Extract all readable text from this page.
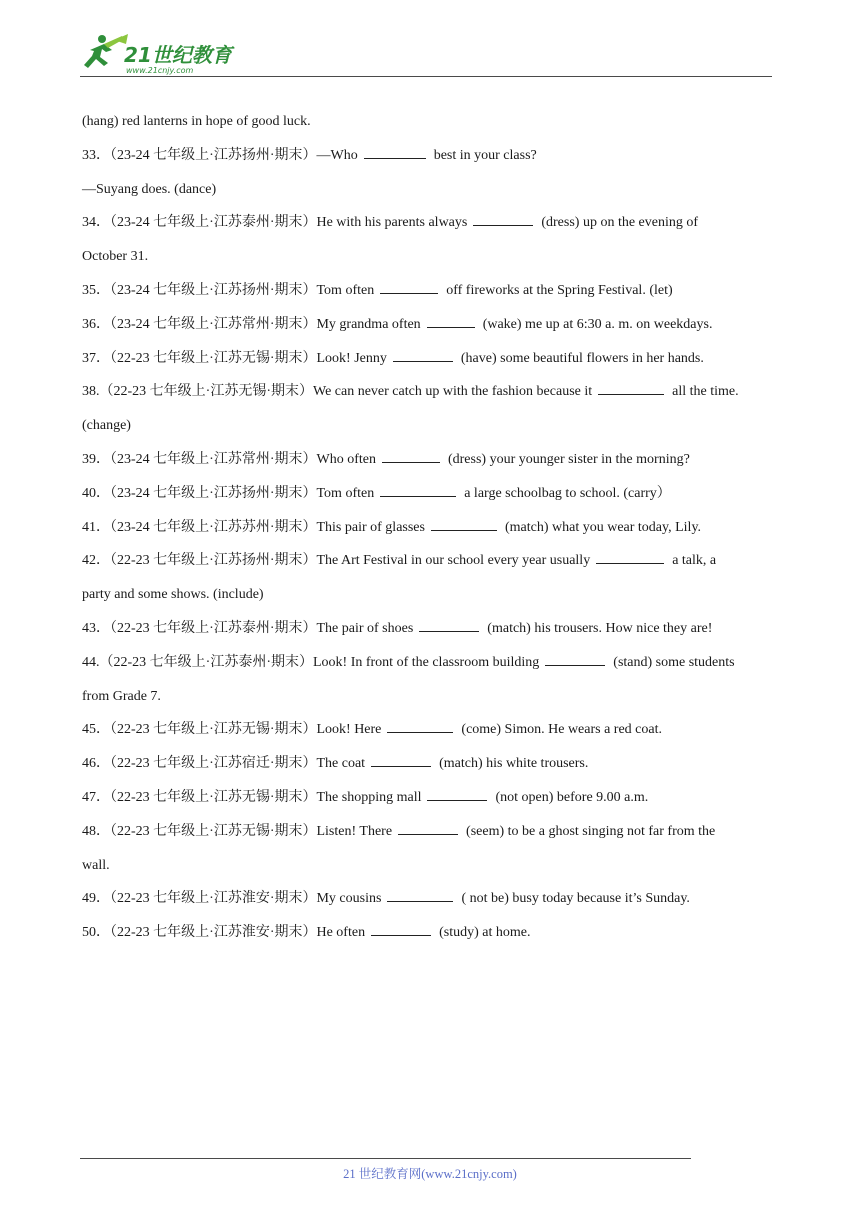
21世纪教育
www.21cnjy.com
(hang) red lanterns in hope of good luck.
33．（23-24 七年级上·江苏扬州·期末）—Who	best in your class?
—Suyang does. (dance)
34．（23-24 七年级上·江苏泰州·期末）He with his parents always	(dress) up on the evening of
October 31.
35．（23-24 七年级上·江苏扬州·期末）Tom often	off fireworks at the Spring Festival. (let)
36．（23-24 七年级上·江苏常州·期末）My grandma often	(wake) me up at 6:30 a. m. on weekdays.
37．（22-23 七年级上·江苏无锡·期末）Look! Jenny	(have) some beautiful flowers in her hands.
38.（22-23 七年级上·江苏无锡·期末）We can never catch up with the fashion because it	all the time.
(change)
39．（23-24 七年级上·江苏常州·期末）Who often	(dress) your younger sister in the morning?
40．（23-24 七年级上·江苏扬州·期末）Tom often	a large schoolbag to school. (carry）
41．（23-24 七年级上·江苏苏州·期末）This pair of glasses	(match) what you wear today, Lily.
42．（22-23 七年级上·江苏扬州·期末）The Art Festival in our school every year usually	a talk, a
party and some shows. (include)
43．（22-23 七年级上·江苏泰州·期末）The pair of shoes	(match) his trousers. How nice they are!
44.（22-23 七年级上·江苏泰州·期末）Look! In front of the classroom building	(stand) some students
from Grade 7.
45．（22-23 七年级上·江苏无锡·期末）Look! Here	(come) Simon. He wears a red coat.
46．（22-23 七年级上·江苏宿迁·期末）The coat	(match) his white trousers.
47．（22-23 七年级上·江苏无锡·期末）The shopping mall	(not open) before 9.00 a.m.
48．（22-23 七年级上·江苏无锡·期末）Listen! There	(seem) to be a ghost singing not far from the
wall.
49．（22-23 七年级上·江苏淮安·期末）My cousins	( not be) busy today because it’s Sunday.
50．（22-23 七年级上·江苏淮安·期末）He often	(study) at home.
21 世纪教育网(www.21cnjy.com)
